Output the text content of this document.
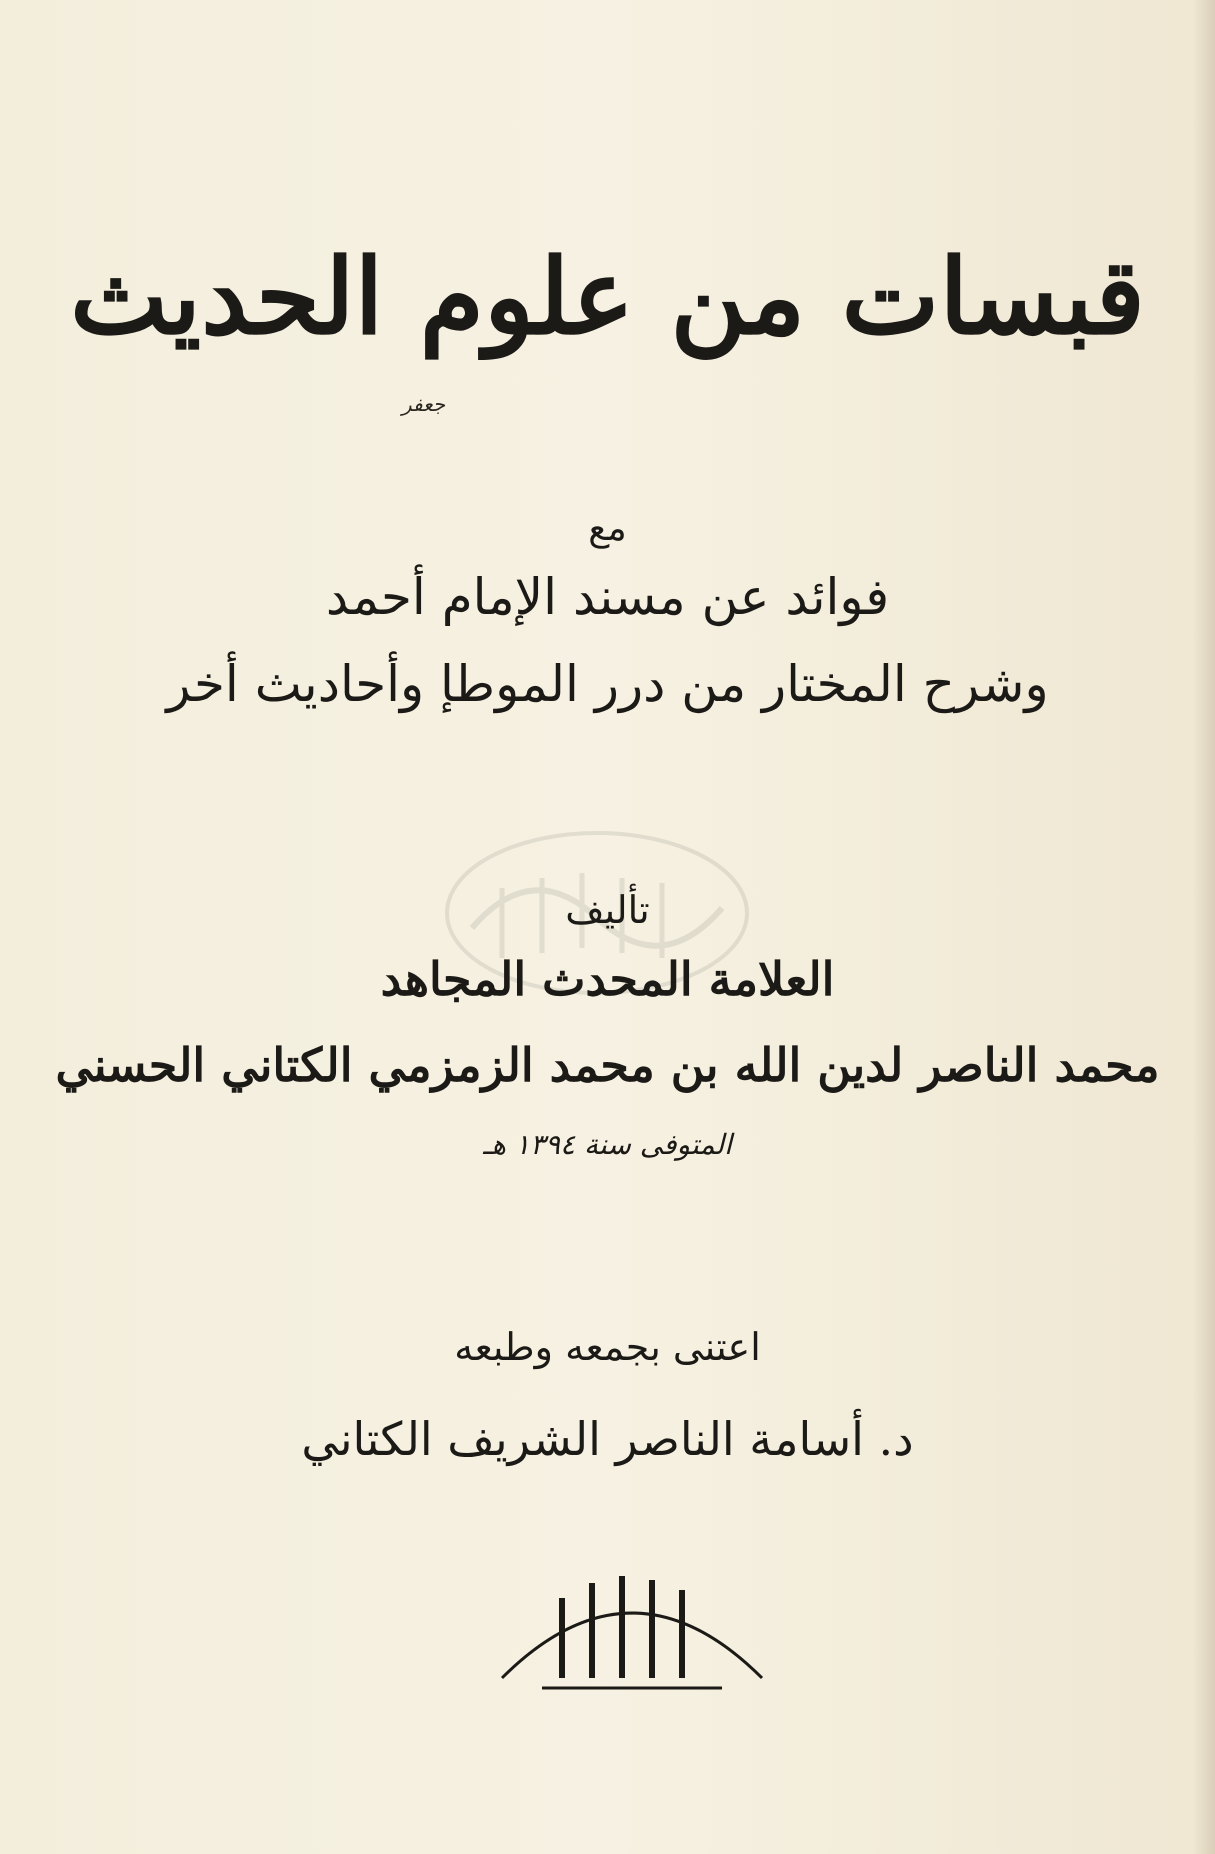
قبسات من علوم الحديث
جعفر
مع
فوائد عن مسند الإمام أحمد
وشرح المختار من درر الموطإ وأحاديث أخر
تأليف
العلامة المحدث المجاهد
محمد الناصر لدين الله بن محمد الزمزمي الكتاني الحسني
المتوفى سنة ١٣٩٤ هـ
اعتنى بجمعه وطبعه
د. أسامة الناصر الشريف الكتاني
